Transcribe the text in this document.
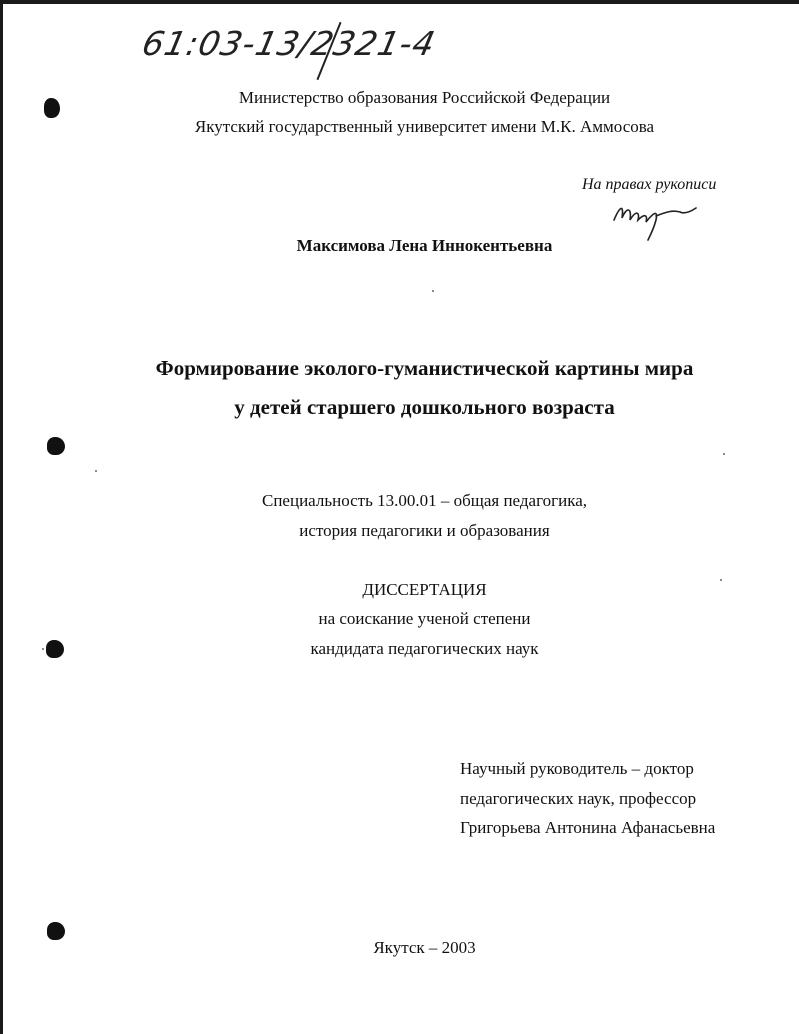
61:03-13/2321-4
Министерство образования Российской Федерации
Якутский государственный университет имени М.К. Аммосова
На правах рукописи
Максимова Лена Иннокентьевна
Формирование эколого-гуманистической картины мира
у детей старшего дошкольного возраста
Специальность 13.00.01 – общая педагогика,
история педагогики и образования
ДИССЕРТАЦИЯ
на соискание ученой степени
кандидата педагогических наук
Научный руководитель – доктор
педагогических наук, профессор
Григорьева Антонина Афанасьевна
Якутск – 2003
